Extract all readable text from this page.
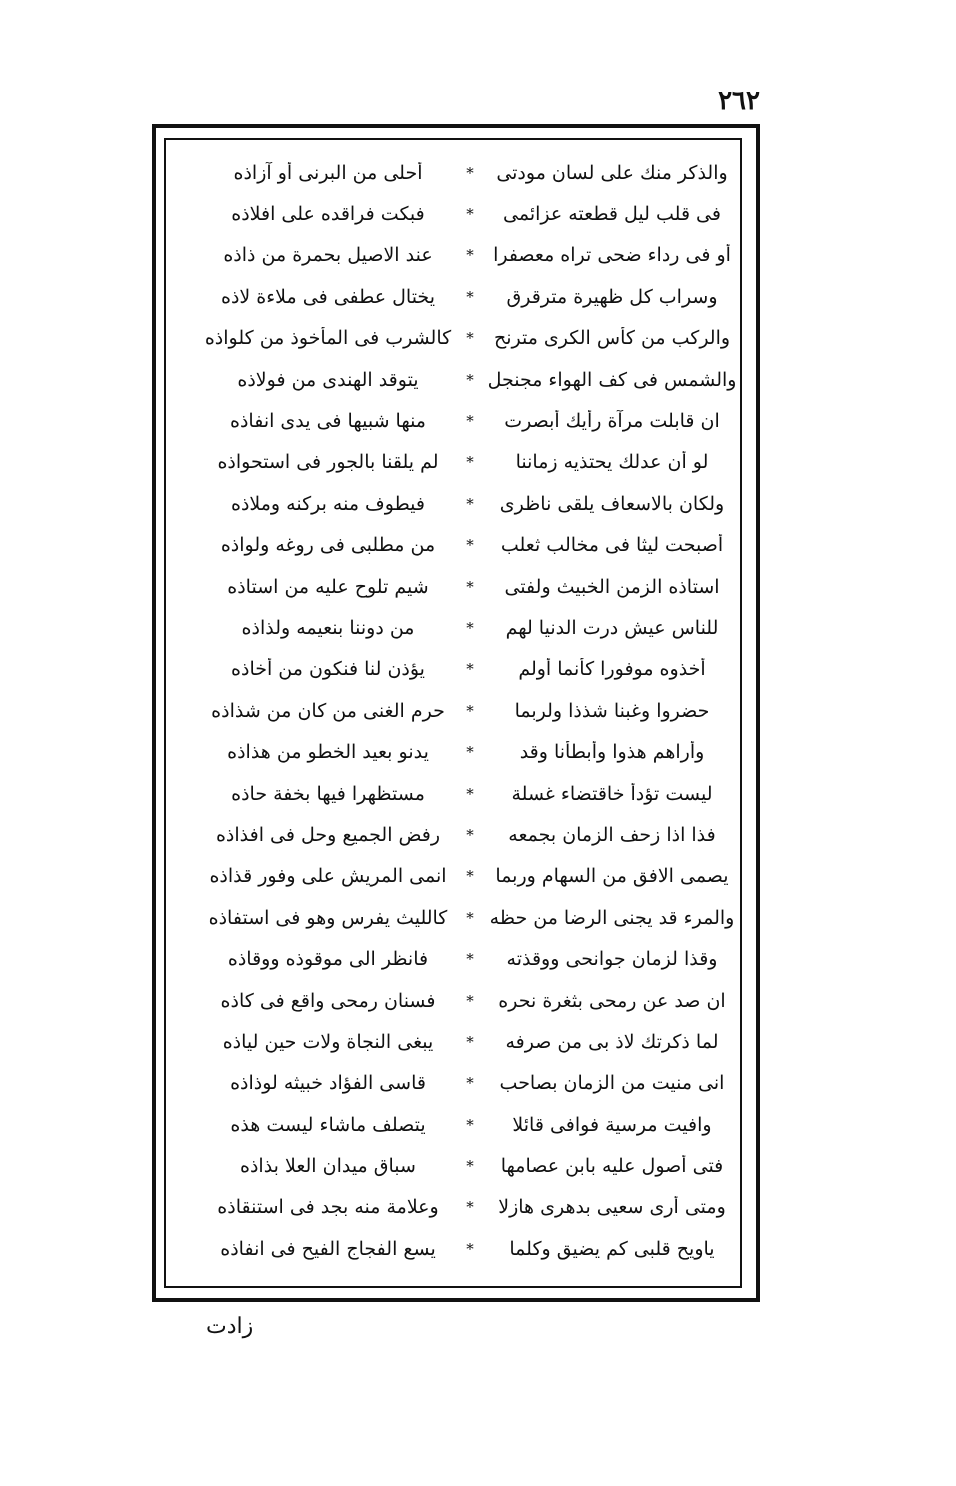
٢٦٢
والذكر منك على لسان مودتى
*
أحلى من البرنى أو آزاذه
فى قلب ليل قطعته عزائمى
*
فبكت فراقده على افلاذه
أو فى رداء ضحى تراه معصفرا
*
عند الاصيل بحمرة من ذاذه
وسراب كل ظهيرة مترقرق
*
يختال عطفى فى ملاءة لاذه
والركب من كأس الكرى مترنح
*
كالشرب فى المأخوذ من كلواذه
والشمس فى كف الهواء مجنجل
*
يتوقد الهندى من فولاذه
ان قابلت مرآة رأيك أبصرت
*
منها شبيها فى يدى انفاذه
لو أن عدلك يحتذيه زماننا
*
لم يلقنا بالجور فى استحواذه
ولكان بالاسعاف يلقى ناظرى
*
فيطوف منه بركنه وملاذه
أصبحت ليثا فى مخالب ثعلب
*
من مطلبى فى روغه ولواذه
استاذه الزمن الخبيث ولفتى
*
شيم تلوح عليه من استاذه
للناس عيش درت الدنيا لهم
*
من دوننا بنعيمه ولذاذه
أخذوه موفورا كأنما أولم
*
يؤذن لنا فنكون من أخاذه
حضروا وغبنا شذذا ولربما
*
حرم الغنى من كان من شذاذه
وأراهم هذوا وأبطأنا وقد
*
يدنو بعيد الخطو من هذاذه
ليست تؤدأ خاقتضاء غسلة
*
مستظهرا فيها بخفة حاذه
فذا اذا زحف الزمان بجمعه
*
رفض الجميع وحل فى افذاذه
يصمى الافق من السهام وربما
*
انمى المريش على وفور قذاذه
والمرء قد يجنى الرضا من حظه
*
كالليث يفرس وهو فى استفاذه
وقذا لزمان جوانحى ووقذته
*
فانظر الى موقوذه ووقاذه
ان صد عن رمحى بثغرة نحره
*
فسنان رمحى واقع فى كاذه
لما ذكرتك لاذ بى من صرفه
*
يبغى النجاة ولات حين لياذه
انى منيت من الزمان بصاحب
*
قاسى الفؤاد خبيثه لوذاذه
وافيت مرسية فوافى قائلا
*
يتصلف ماشاء ليست هذه
فتى أصول عليه بابن عصامها
*
سباق ميدان العلا بذاذه
ومتى أرى سعيى بدهرى هازلا
*
وعلامة منه بجد فى استنقاذه
ياويح قلبى كم يضيق وكلما
*
يسع الفجاج الفيح فى انفاذه
زادت
